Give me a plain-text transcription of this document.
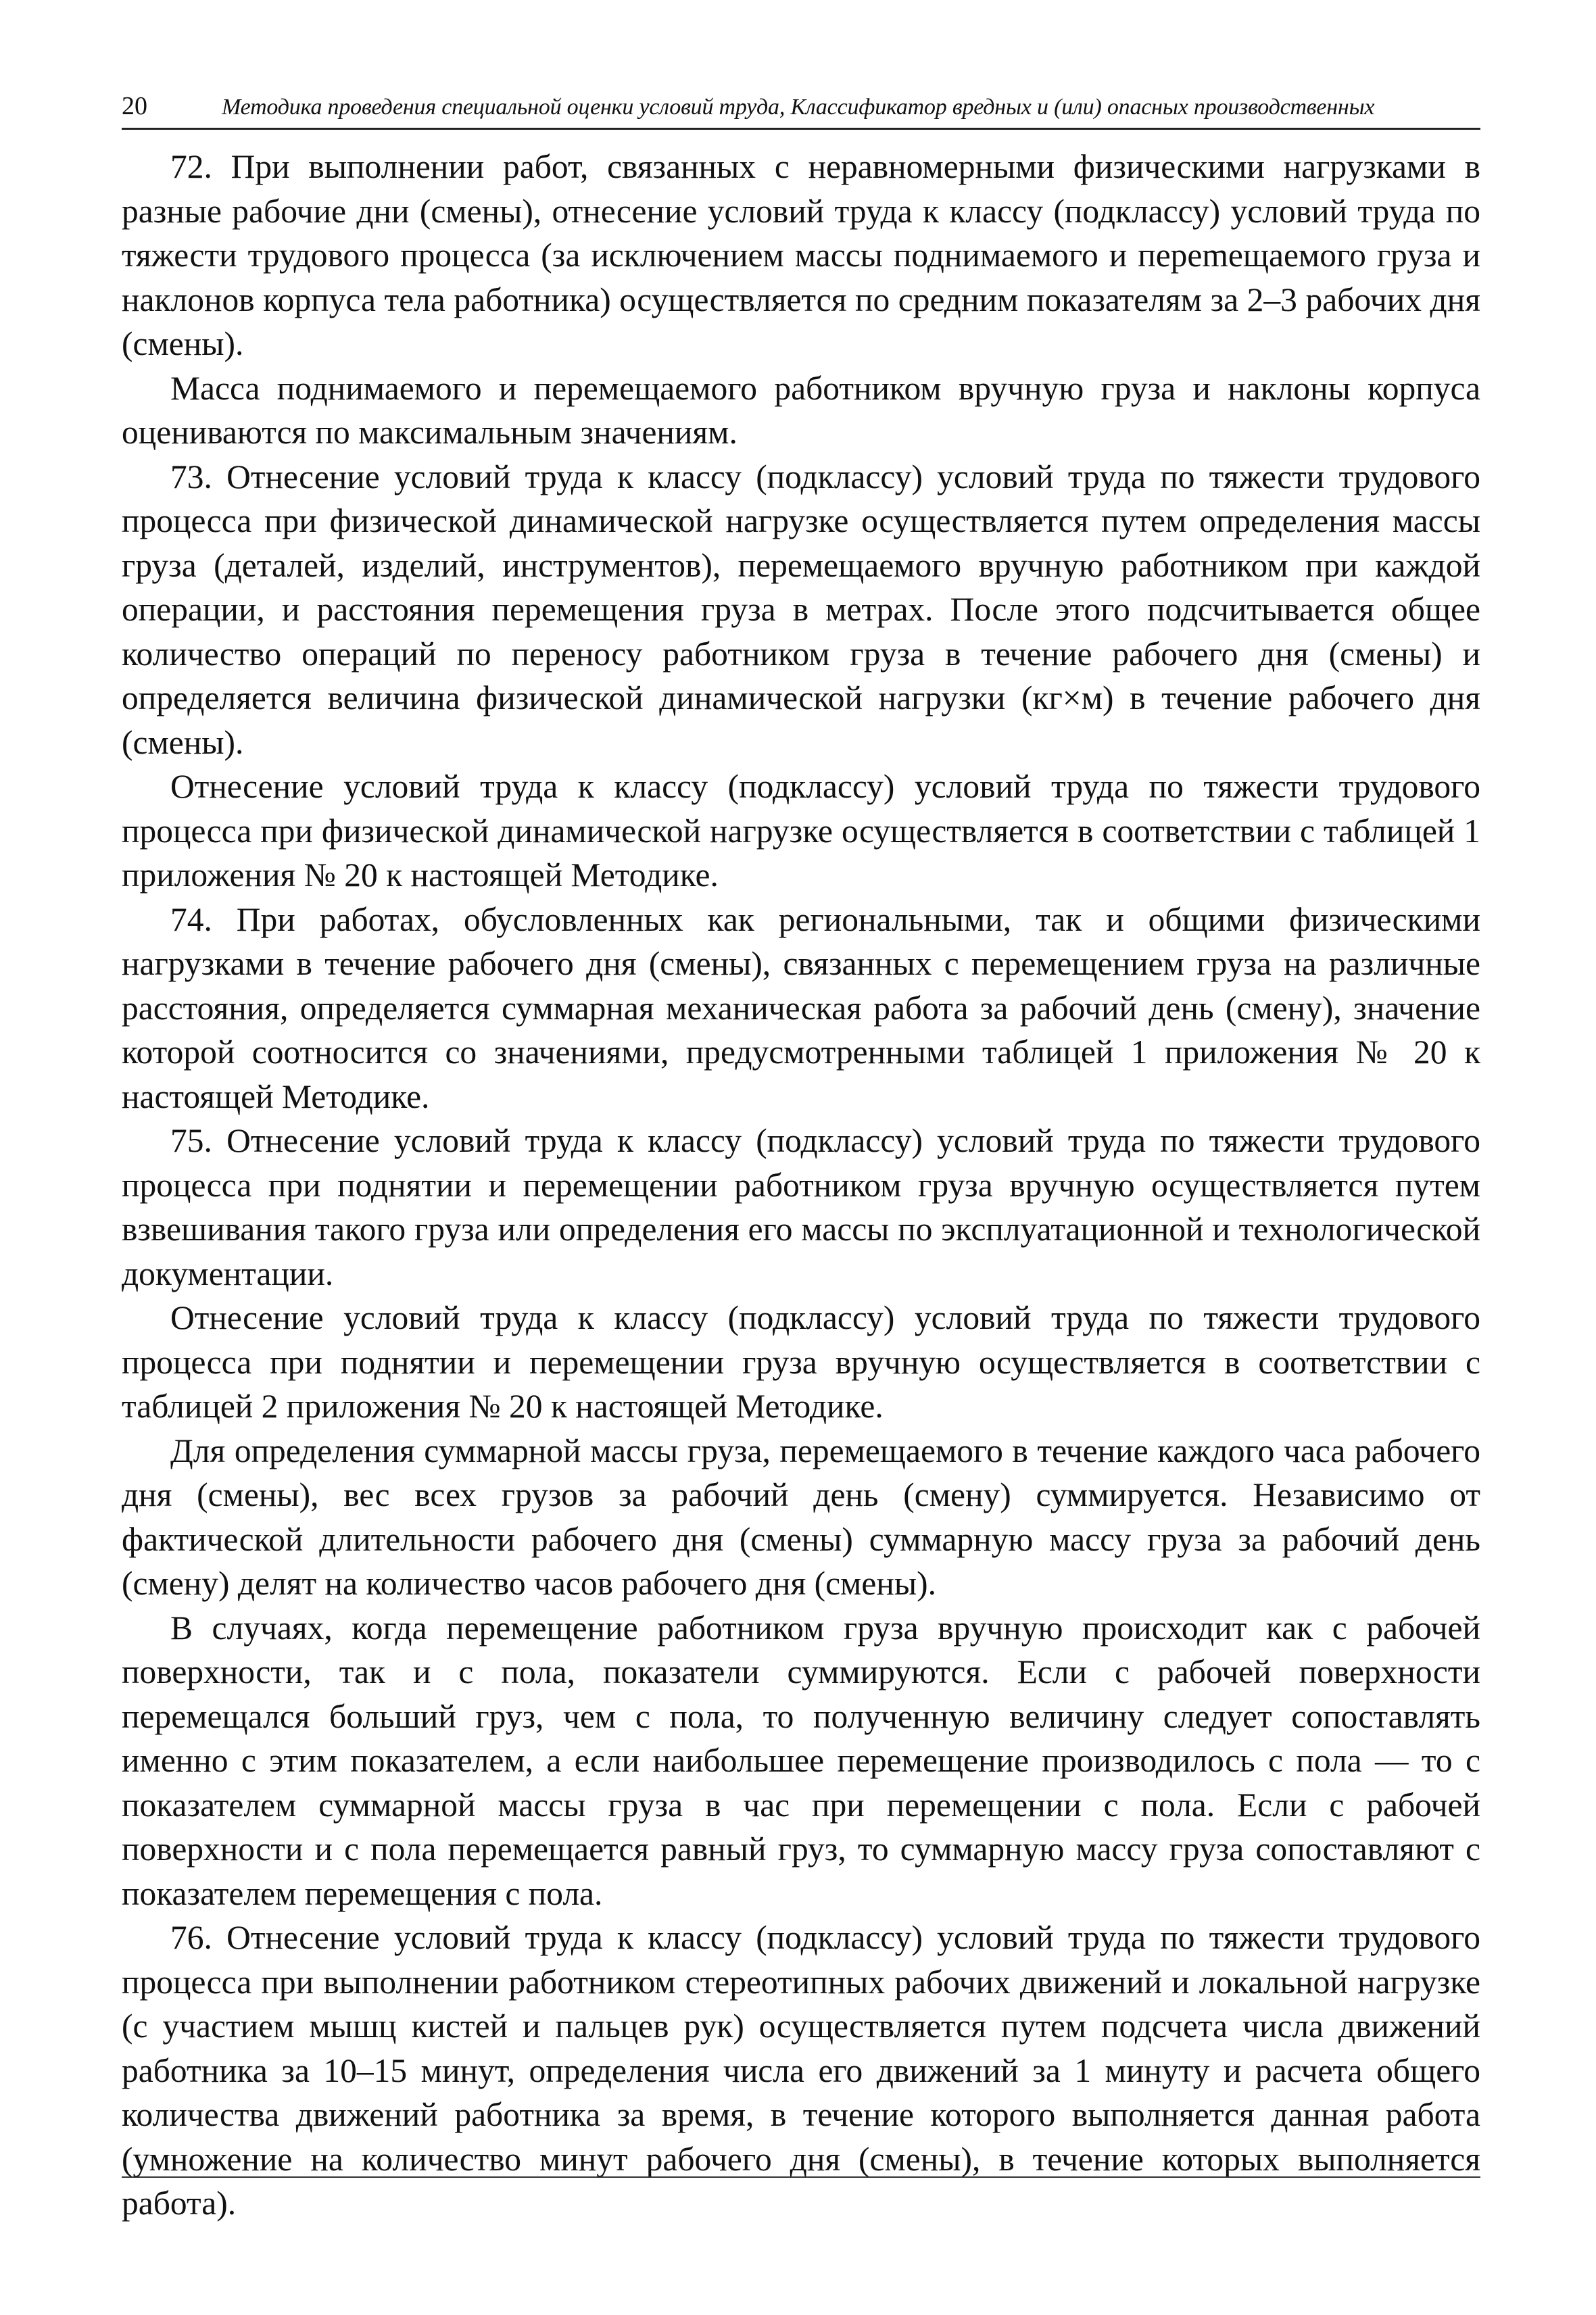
20	Методика проведения специальной оценки условий труда, Классификатор вредных и (или) опасных производственных

72. При выполнении работ, связанных с неравномерными физическими нагрузками в разные рабочие дни (смены), отнесение условий труда к классу (подклассу) условий труда по тяжести трудового процесса (за исключением массы поднимаемого и переmещаемого груза и наклонов корпуса тела работника) осуществляется по средним показателям за 2–3 рабочих дня (смены).

Масса поднимаемого и перемещаемого работником вручную груза и наклоны корпуса оцениваются по максимальным значениям.

73. Отнесение условий труда к классу (подклассу) условий труда по тяжести трудового процесса при физической динамической нагрузке осуществляется путем определения массы груза (деталей, изделий, инструментов), перемещаемого вручную работником при каждой операции, и расстояния перемещения груза в метрах. После этого подсчитывается общее количество операций по переносу работником груза в течение рабочего дня (смены) и определяется величина физической динамической нагрузки (кг×м) в течение рабочего дня (смены).

Отнесение условий труда к классу (подклассу) условий труда по тяжести трудового процесса при физической динамической нагрузке осуществляется в соответствии с таблицей 1 приложения № 20 к настоящей Методике.

74. При работах, обусловленных как региональными, так и общими физическими нагрузками в течение рабочего дня (смены), связанных с перемещением груза на различные расстояния, определяется суммарная механическая работа за рабочий день (смену), значение которой соотносится со значениями, предусмотренными таблицей 1 приложения № 20 к настоящей Методике.

75. Отнесение условий труда к классу (подклассу) условий труда по тяжести трудового процесса при поднятии и перемещении работником груза вручную осуществляется путем взвешивания такого груза или определения его массы по эксплуатационной и технологической документации.

Отнесение условий труда к классу (подклассу) условий труда по тяжести трудового процесса при поднятии и перемещении груза вручную осуществляется в соответствии с таблицей 2 приложения № 20 к настоящей Методике.

Для определения суммарной массы груза, перемещаемого в течение каждого часа рабочего дня (смены), вес всех грузов за рабочий день (смену) суммируется. Независимо от фактической длительности рабочего дня (смены) суммарную массу груза за рабочий день (смену) делят на количество часов рабочего дня (смены).

В случаях, когда перемещение работником груза вручную происходит как с рабочей поверхности, так и с пола, показатели суммируются. Если с рабочей поверхности перемещался больший груз, чем с пола, то полученную величину следует сопоставлять именно с этим показателем, а если наибольшее перемещение производилось с пола — то с показателем суммарной массы груза в час при перемещении с пола. Если с рабочей поверхности и с пола перемещается равный груз, то суммарную массу груза сопоставляют с показателем перемещения с пола.

76. Отнесение условий труда к классу (подклассу) условий труда по тяжести трудового процесса при выполнении работником стереотипных рабочих движений и локальной нагрузке (с участием мышц кистей и пальцев рук) осуществляется путем подсчета числа движений работника за 10–15 минут, определения числа его движений за 1 минуту и расчета общего количества движений работника за время, в течение которого выполняется данная работа (умножение на количество минут рабочего дня (смены), в течение которых выполняется работа).
